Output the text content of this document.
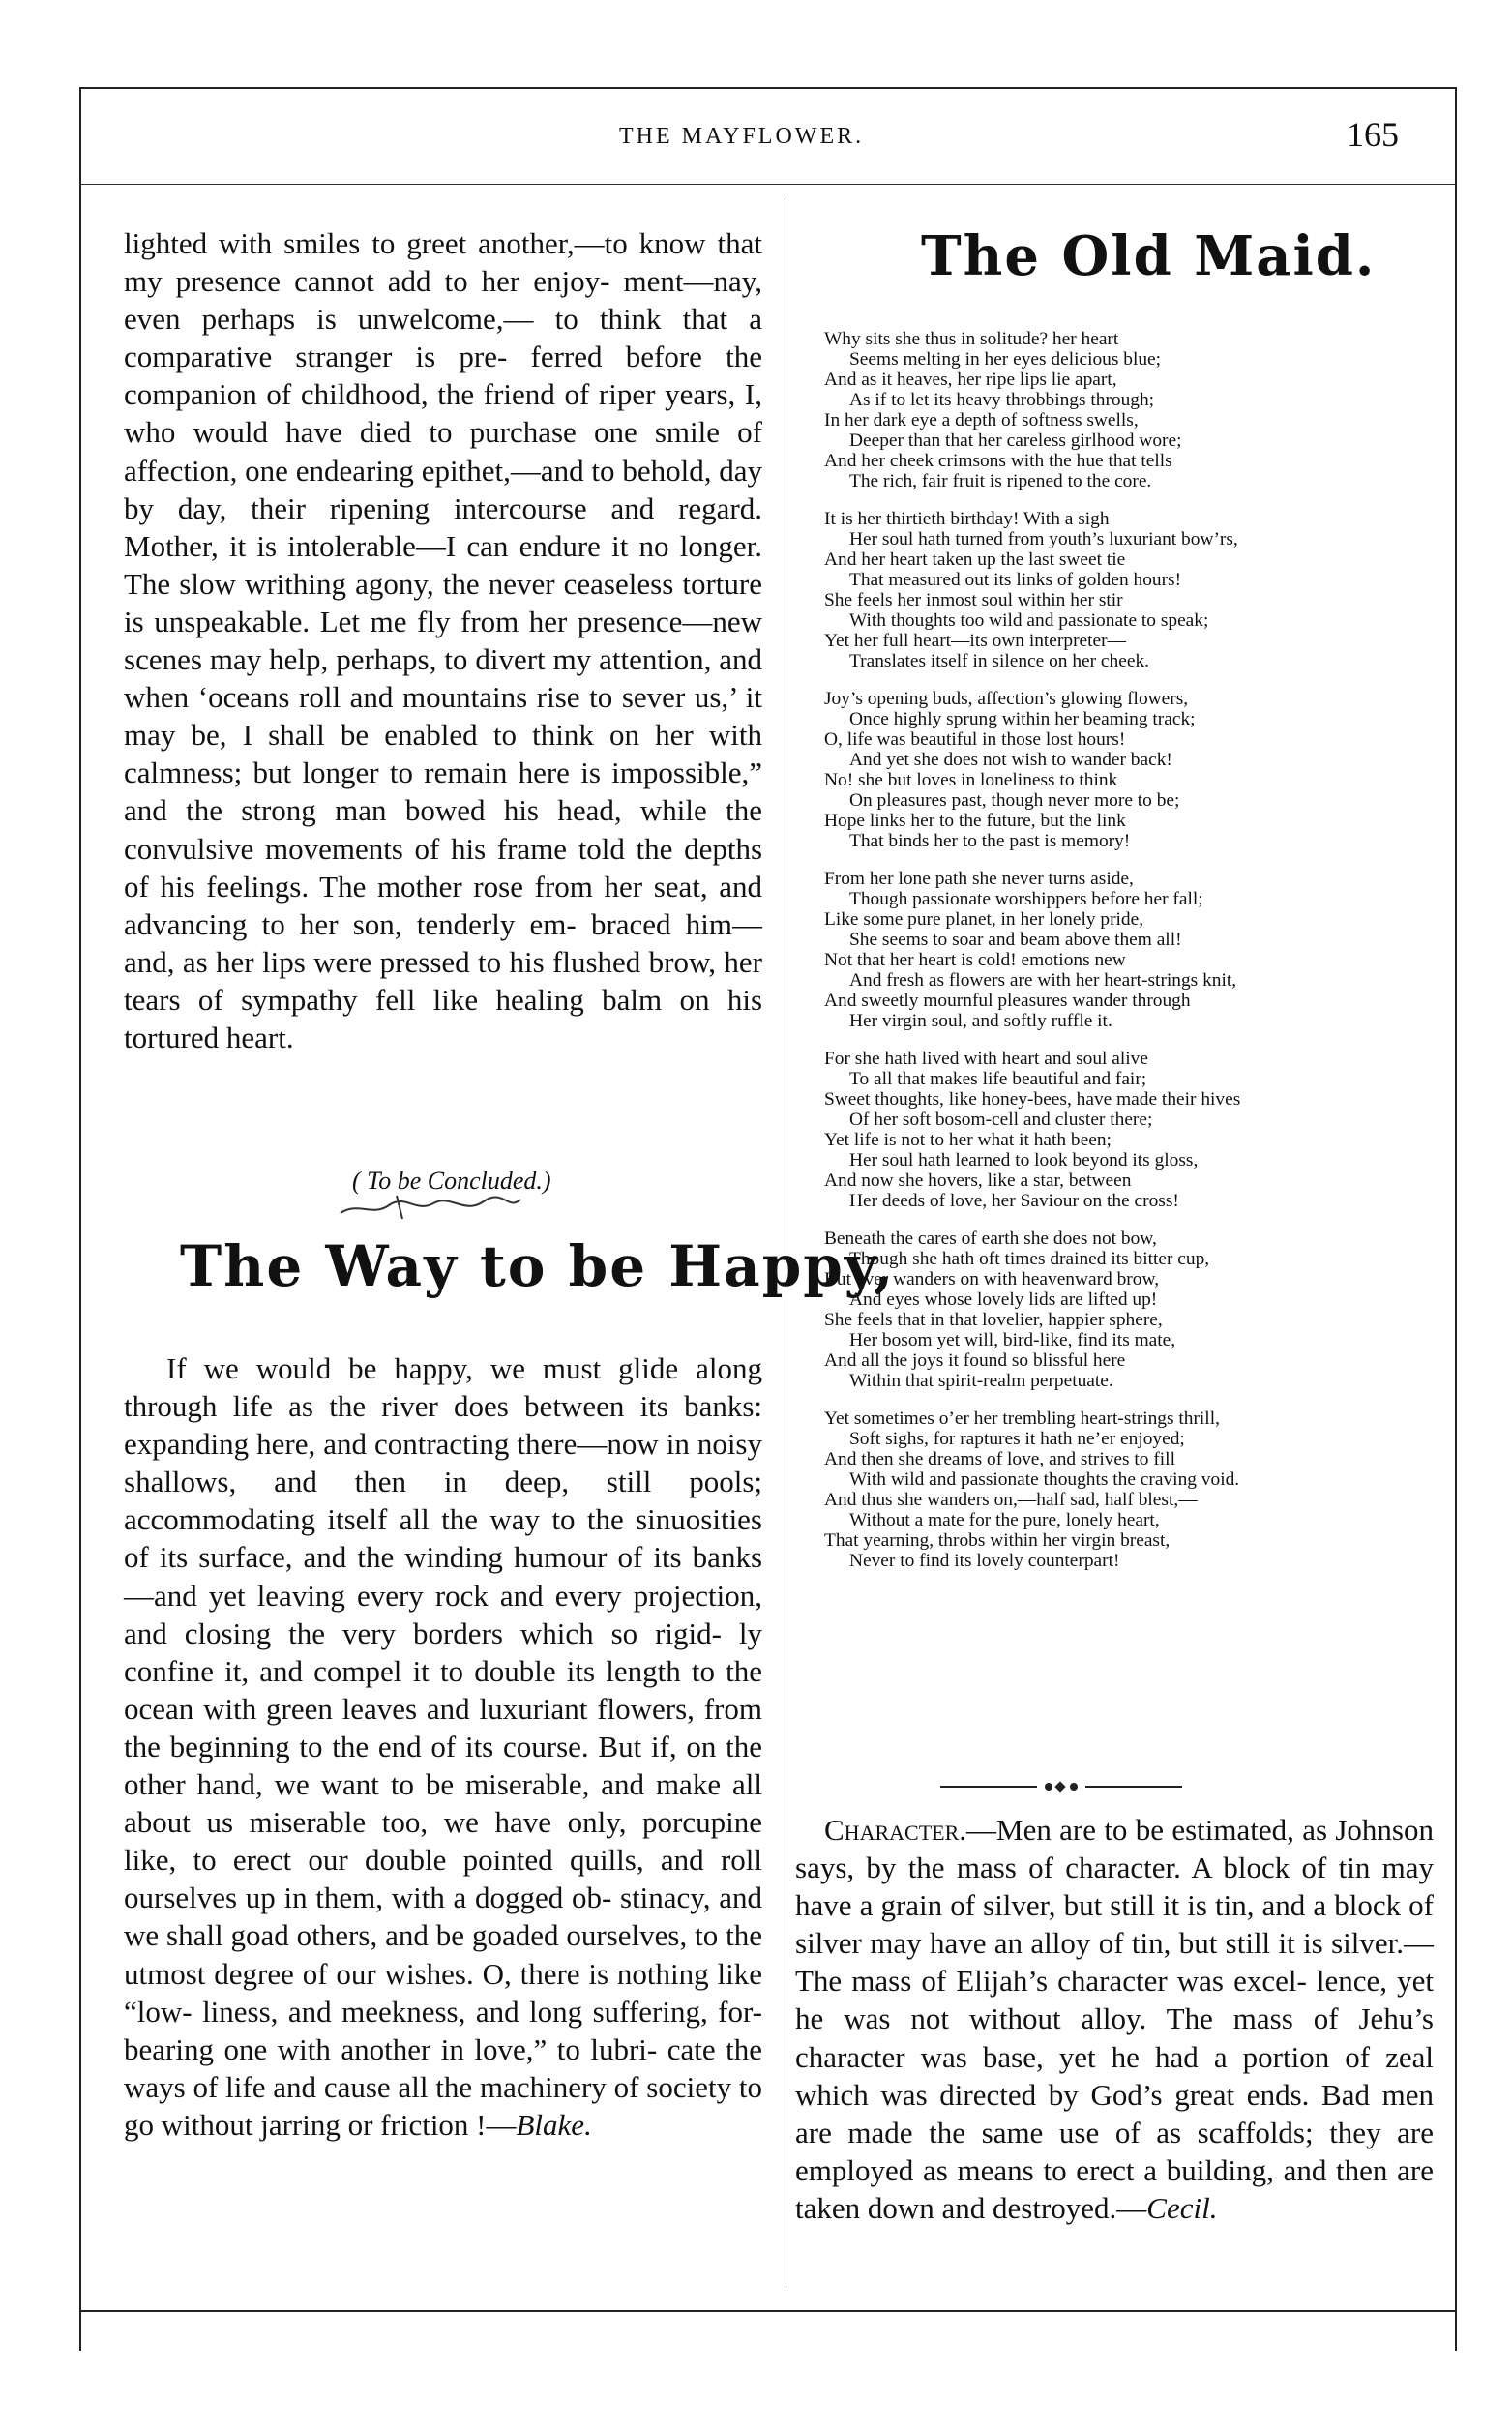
THE MAYFLOWER.	165

lighted with smiles to greet another,—to know that my presence cannot add to her enjoy- ment—nay, even perhaps is unwelcome,— to think that a comparative stranger is pre- ferred before the companion of childhood, the friend of riper years, I, who would have died to purchase one smile of affection, one endearing epithet,—and to behold, day by day, their ripening intercourse and regard. Mother, it is intolerable—I can endure it no longer. The slow writhing agony, the never ceaseless torture is unspeakable. Let me fly from her presence—new scenes may help, perhaps, to divert my attention, and when ‘oceans roll and mountains rise to sever us,’ it may be, I shall be enabled to think on her with calmness; but longer to remain here is impossible,” and the strong man bowed his head, while the convulsive movements of his frame told the depths of his feelings. The mother rose from her seat, and advancing to her son, tenderly em- braced him—and, as her lips were pressed to his flushed brow, her tears of sympathy fell like healing balm on his tortured heart.

( To be Concluded.)
The Way to be Happy,

If we would be happy, we must glide along through life as the river does between its banks: expanding here, and contracting there—now in noisy shallows, and then in deep, still pools; accommodating itself all the way to the sinuosities of its surface, and the winding humour of its banks—and yet leaving every rock and every projection, and closing the very borders which so rigid- ly confine it, and compel it to double its length to the ocean with green leaves and luxuriant flowers, from the beginning to the end of its course. But if, on the other hand, we want to be miserable, and make all about us miserable too, we have only, porcupine like, to erect our double pointed quills, and roll ourselves up in them, with a dogged ob- stinacy, and we shall goad others, and be goaded ourselves, to the utmost degree of our wishes. O, there is nothing like “low- liness, and meekness, and long suffering, for- bearing one with another in love,” to lubri- cate the ways of life and cause all the machinery of society to go without jarring or friction !—Blake.

The Old Maid.
Why sits she thus in solitude? her heart
Seems melting in her eyes delicious blue;
And as it heaves, her ripe lips lie apart,
As if to let its heavy throbbings through;
In her dark eye a depth of softness swells,
Deeper than that her careless girlhood wore;
And her cheek crimsons with the hue that tells
The rich, fair fruit is ripened to the core.
It is her thirtieth birthday! With a sigh
Her soul hath turned from youth’s luxuriant bow’rs,
And her heart taken up the last sweet tie
That measured out its links of golden hours!
She feels her inmost soul within her stir
With thoughts too wild and passionate to speak;
Yet her full heart—its own interpreter—
Translates itself in silence on her cheek.
Joy’s opening buds, affection’s glowing flowers,
Once highly sprung within her beaming track;
O, life was beautiful in those lost hours!
And yet she does not wish to wander back!
No! she but loves in loneliness to think
On pleasures past, though never more to be;
Hope links her to the future, but the link
That binds her to the past is memory!
From her lone path she never turns aside,
Though passionate worshippers before her fall;
Like some pure planet, in her lonely pride,
She seems to soar and beam above them all!
Not that her heart is cold! emotions new
And fresh as flowers are with her heart-strings knit,
And sweetly mournful pleasures wander through
Her virgin soul, and softly ruffle it.
For she hath lived with heart and soul alive
To all that makes life beautiful and fair;
Sweet thoughts, like honey-bees, have made their hives
Of her soft bosom-cell and cluster there;
Yet life is not to her what it hath been;
Her soul hath learned to look beyond its gloss,
And now she hovers, like a star, between
Her deeds of love, her Saviour on the cross!
Beneath the cares of earth she does not bow,
Though she hath oft times drained its bitter cup,
But ever wanders on with heavenward brow,
And eyes whose lovely lids are lifted up!
She feels that in that lovelier, happier sphere,
Her bosom yet will, bird-like, find its mate,
And all the joys it found so blissful here
Within that spirit-realm perpetuate.
Yet sometimes o’er her trembling heart-strings thrill,
Soft sighs, for raptures it hath ne’er enjoyed;
And then she dreams of love, and strives to fill
With wild and passionate thoughts the craving void.
And thus she wanders on,—half sad, half blest,—
Without a mate for the pure, lonely heart,
That yearning, throbs within her virgin breast,
Never to find its lovely counterpart!

Character.—Men are to be estimated, as Johnson says, by the mass of character. A block of tin may have a grain of silver, but still it is tin, and a block of silver may have an alloy of tin, but still it is silver.— The mass of Elijah’s character was excel- lence, yet he was not without alloy. The mass of Jehu’s character was base, yet he had a portion of zeal which was directed by God’s great ends. Bad men are made the same use of as scaffolds; they are employed as means to erect a building, and then are taken down and destroyed.—Cecil.
